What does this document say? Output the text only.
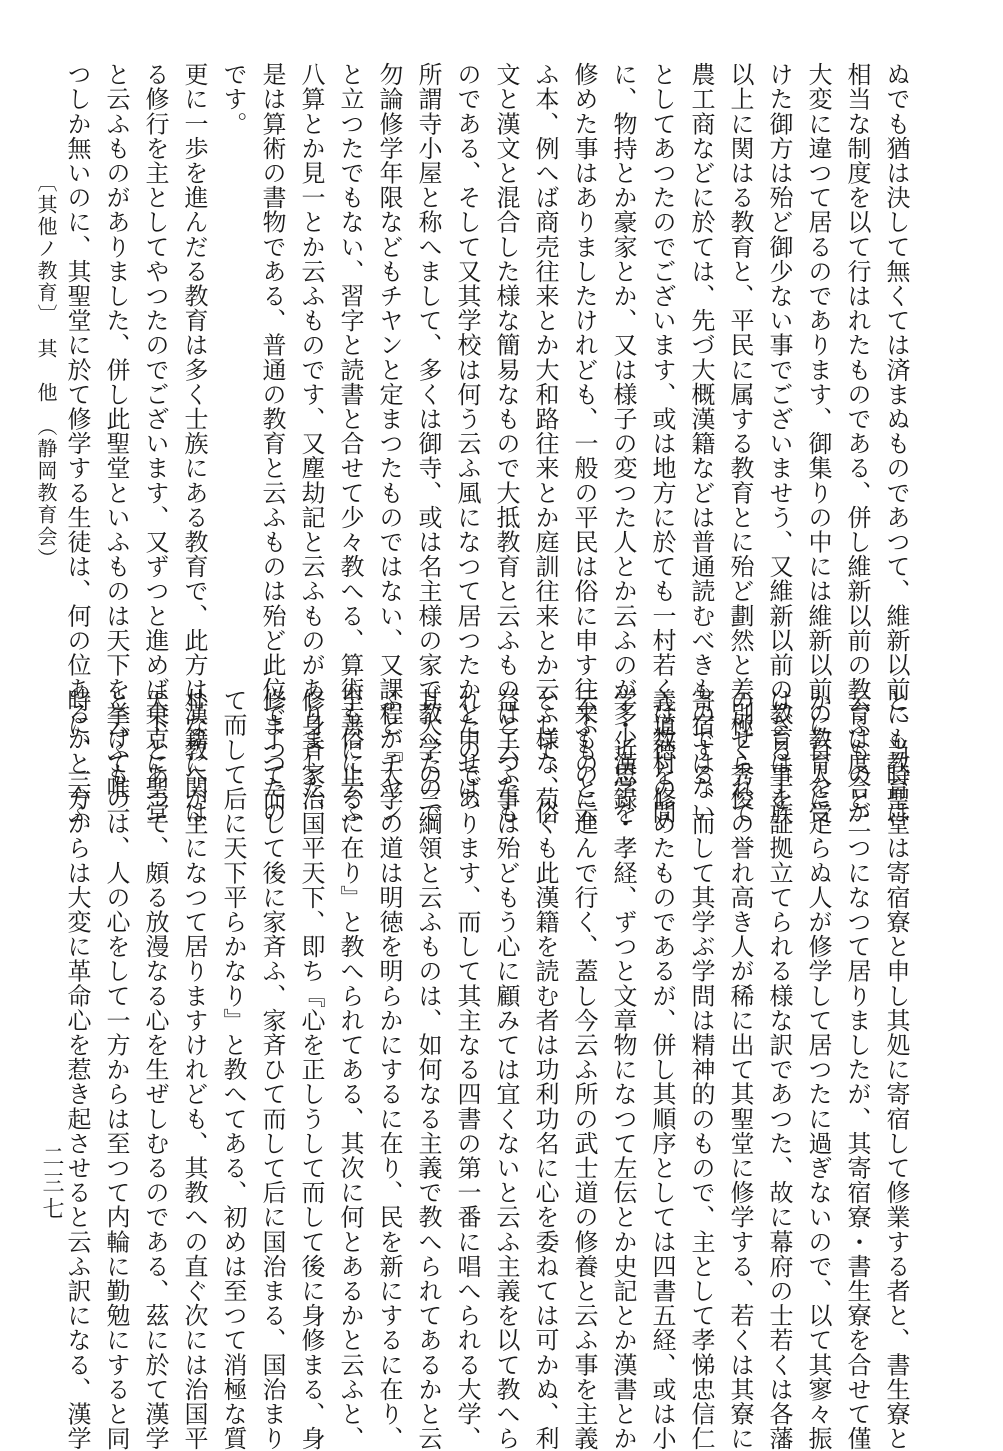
ぬでも猶は決して無くては済まぬものであつて、維新以前にも教育は
相当な制度を以て行はれたものである、併し維新以前の教育は度合が
大変に違つて居るのであります、御集りの中には維新以前の教育を受
けた御方は殆ど御少ない事でございませう、又維新以前の教育は士族
以上に関はる教育と、平民に属する教育とに殆ど劃然と差別せられて
農工商などに於ては、先づ大概漢籍などは普通読むべきものではない
としてあつたのでございます、或は地方に於ても一村若くは数村の間
に、物持とか豪家とか、又は様子の変つた人とか云ふのが多少漢学を
修めた事はありましたけれども、一般の平民は俗に申す往来ものと云
ふ本、例へば商売往来とか大和路往来とか庭訓往来とか云ふ様な、俗
文と漢文と混合した様な簡易なもので大抵教育と云ふものは了つたも
のである、そして又其学校は何う云ふ風になつて居つたかと申せば、
所謂寺小屋と称へまして、多くは御寺、或は名主様の家で教へたので
勿論修学年限などもチヤンと定まつたものではない、又課程がチヤン
と立つたでもない、習字と読書と合せて少々教へる、算術も俗に云ふ
八算とか見一とか云ふものです、又塵劫記と云ふものがありました、
是は算術の書物である、普通の教育と云ふものは殆ど此位で了つたの
です。
更に一歩を進んだる教育は多く士族にある教育で、此方は漢籍に関は
る修行を主としてやつたのでございます、又ずつと進めば東京に聖堂
と云ふものがありました、併し此聖堂といふものは天下を挙げて唯一
つしか無いのに、其聖堂に於て修学する生徒は、何の位あるかと云ふ
と、当時聖堂は寄宿寮と申し其処に寄宿して修業する者と、書生寮と
云ふものと二つになつて居りましたが、其寄宿寮・書生寮を合せて僅
かに百人に足らぬ人が修学して居つたに過ぎないので、以て其寥々振
はざる事を証拠立てられる様な訳であつた、故に幕府の士若くは各藩
の極く秀俊の誉れ高き人が稀に出て其聖堂に修学する、若くは其寮に
寄宿する、而して其学ぶ学問は精神的のもので、主として孝悌忠信仁
義道徳を修めたものであるが、併し其順序としては四書五経、或は小
学・近思録・孝経、ずつと文章物になつて左伝とか史記とか漢書とか
云ふものに進んで行く、蓋し今云ふ所の武士道の修養と云ふ事を主義
として、苟くも此漢籍を読む者は功利功名に心を委ねては可かぬ、利
益と云ふ事は殆どもう心に顧みては宜くないと云ふ主義を以て教へら
れたのであります、而して其主なる四書の第一番に唱へられる大学、
其大学の三綱領と云ふものは、如何なる主義で教へられてあるかと云
ふと『大学の道は明徳を明らかにするに在り、民を新にするに在り、
至善に止るに在り』と教へられてある、其次に何とあるかと云ふと、
修身斉家治国平天下、即ち『心を正しうして而して後に身修まる、身
修まつて而して後に家斉ふ、家斉ひて而して后に国治まる、国治まり
て而して后に天下平らかなり』と教へてある、初めは至つて消極な質
朴な教へが主になつて居りますけれども、其教への直ぐ次には治国平
天下とあつて、頗る放漫なる心を生ぜしむるのである、茲に於て漢学
と云ふものは、人の心をして一方からは至つて内輪に勤勉にすると同
時に、一方からは大変に革命心を惹き起させると云ふ訳になる、漢学
〔其他ノ教育〕　其　他　（静岡教育会）
二三七
